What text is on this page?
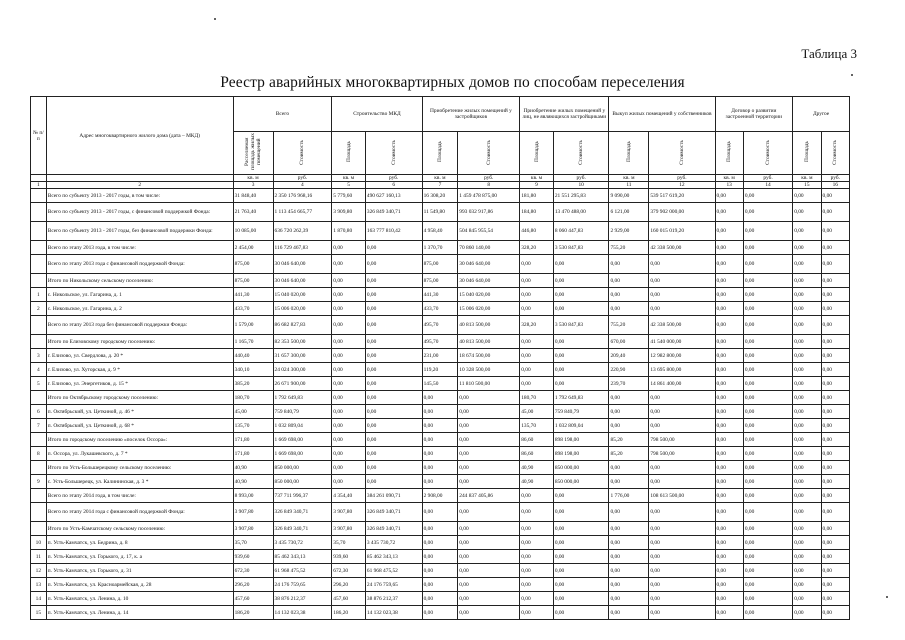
Таблица 3
Реестр аварийных многоквартирных домов по способам переселения
№ п/п	Адрес многоквартирного жилого дома (дата – МКД)	Всего		Строительство МКД		Приобретение жилых помещений у застройщиков		Приобретение жилых помещений у лиц, не являющихся застройщиками		Выкуп жилых помещений у собственников		Договор о развитии застроенной территории		Другое	
		Расселяемая площадь жилых помещений	Стоимость	Площадь	Стоимость	Площадь	Стоимость	Площадь	Стоимость	Площадь	Стоимость	Площадь	Стоимость	Площадь	Стоимость
		кв. м	руб.	кв. м	руб.	кв. м	руб.	кв. м	руб.	кв. м	руб.	кв. м	руб.	кв. м	руб.
1	2	3	4	5	6	7	8	9	10	11	12	13	14	15	16
	Всего по субъекту 2013 - 2017 годы, в том числе:	31 848,40	2 350 176 968,16	5 779,60	490 627 160,13	16 308,20	1 459 478 875,00	181,80	21 551 295,83	9 090,00	539 517 619,20	0,00	0,00	0,00	0,00
	Всего по субъекту 2013 - 2017 годы, с финансовой поддержкой Фонда:	21 763,40	1 113 454 665,77	3 909,80	326 849 340,71	11 549,80	993 032 917,86	184,80	13 470 488,00	6 121,00	379 902 000,00	0,00	0,00	0,00	0,00
	Всего по субъекту 2013 - 2017 годы, без финансовой поддержки Фонда:	10 085,00	636 720 262,39	1 870,80	163 777 810,42	4 958,40	504 845 955,54	446,80	8 060 447,83	2 929,00	160 015 019,20	0,00	0,00	0,00	0,00
	Всего по этапу 2013 года, в том числе:	2 454,00	116 729 467,83	0,00	0,00	1 370,70	70 860 140,00	328,20	3 530 847,83	755,20	42 338 500,00	0,00	0,00	0,00	0,00
	Всего по этапу 2013 года с финансовой поддержкой Фонда:	875,00	30 046 640,00	0,00	0,00	875,00	30 046 640,00	0,00	0,00	0,00	0,00	0,00	0,00	0,00	0,00
	Итого по Никольскому сельскому поселению:	875,00	30 046 640,00	0,00	0,00	875,00	30 046 640,00	0,00	0,00	0,00	0,00	0,00	0,00	0,00	0,00
1	с. Никольское, ул. Гагарина, д. 1	441,30	15 040 020,00	0,00	0,00	441,30	15 040 020,00	0,00	0,00	0,00	0,00	0,00	0,00	0,00	0,00
2	с. Никольское, ул. Гагарина, д. 2	433,70	15 006 020,00	0,00	0,00	433,70	15 006 020,00	0,00	0,00	0,00	0,00	0,00	0,00	0,00	0,00
	Всего по этапу 2013 года без финансовой поддержки Фонда:	1 579,00	86 682 827,83	0,00	0,00	495,70	40 813 500,00	328,20	3 530 847,83	755,20	42 338 500,00	0,00	0,00	0,00	0,00
	Итого по Елизовскому городскому поселению:	1 165,70	82 353 500,00	0,00	0,00	495,70	40 813 500,00	0,00	0,00	670,00	41 540 000,00	0,00	0,00	0,00	0,00
3	г. Елизово, ул. Свердлова, д. 20 *	440,40	31 657 300,00	0,00	0,00	231,00	18 674 500,00	0,00	0,00	209,40	12 982 800,00	0,00	0,00	0,00	0,00
4	г. Елизово, ул. Хуторская, д. 9 *	340,10	24 024 300,00	0,00	0,00	119,20	10 328 500,00	0,00	0,00	220,90	13 695 800,00	0,00	0,00	0,00	0,00
5	г. Елизово, ул. Энергетиков, д. 15 *	385,20	26 671 900,00	0,00	0,00	145,50	11 810 500,00	0,00	0,00	239,70	14 861 400,00	0,00	0,00	0,00	0,00
	Итого по Октябрьскому городскому поселению:	180,70	1 792 649,83	0,00	0,00	0,00	0,00	180,70	1 792 649,83	0,00	0,00	0,00	0,00	0,00	0,00
6	п. Октябрьский, ул. Цеткиной, д. 46 *	45,00	759 840,79	0,00	0,00	0,00	0,00	45,00	759 840,79	0,00	0,00	0,00	0,00	0,00	0,00
7	п. Октябрьский, ул. Цеткиной, д. 68 *	135,70	1 032 809,04	0,00	0,00	0,00	0,00	135,70	1 032 809,04	0,00	0,00	0,00	0,00	0,00	0,00
	Итого по городскому поселению «поселок Оссора»:	171,80	1 669 698,00	0,00	0,00	0,00	0,00	86,60	898 198,00	85,20	798 500,00	0,00	0,00	0,00	0,00
8	п. Оссора, ул. Лукашевского, д. 7 *	171,80	1 669 698,00	0,00	0,00	0,00	0,00	86,60	898 198,00	85,20	798 500,00	0,00	0,00	0,00	0,00
	Итого по Усть-Большерецкому сельскому поселению:	40,90	850 000,00	0,00	0,00	0,00	0,00	40,90	850 000,00	0,00	0,00	0,00	0,00	0,00	0,00
9	с. Усть-Большерецк, ул. Калининская, д. 3 *	40,90	850 000,00	0,00	0,00	0,00	0,00	40,90	850 000,00	0,00	0,00	0,00	0,00	0,00	0,00
	Всего по этапу 2014 года, в том числе:	8 993,00	737 711 996,37	4 354,40	384 261 090,71	2 908,00	244 837 405,86	0,00	0,00	1 776,00	108 613 500,00	0,00	0,00	0,00	0,00
	Всего по этапу 2014 года с финансовой поддержкой Фонда:	3 907,80	326 849 340,71	3 907,80	326 849 340,71	0,00	0,00	0,00	0,00	0,00	0,00	0,00	0,00	0,00	0,00
	Итого по Усть-Камчатскому сельскому поселению:	3 907,80	326 849 340,71	3 907,80	326 849 340,71	0,00	0,00	0,00	0,00	0,00	0,00	0,00	0,00	0,00	0,00
10	п. Усть-Камчатск, ул. Бедрина, д. 8	35,70	3 435 730,72	35,70	3 435 730,72	0,00	0,00	0,00	0,00	0,00	0,00	0,00	0,00	0,00	0,00
11	п. Усть-Камчатск, ул. Горького, д. 17, к. а	939,60	85 462 343,13	939,60	85 462 343,13	0,00	0,00	0,00	0,00	0,00	0,00	0,00	0,00	0,00	0,00
12	п. Усть-Камчатск, ул. Горького, д. 31	672,30	61 968 475,52	672,30	61 968 475,52	0,00	0,00	0,00	0,00	0,00	0,00	0,00	0,00	0,00	0,00
13	п. Усть-Камчатск, ул. Красноармейская, д. 28	296,20	24 176 759,65	296,20	24 176 759,65	0,00	0,00	0,00	0,00	0,00	0,00	0,00	0,00	0,00	0,00
14	п. Усть-Камчатск, ул. Ленина, д. 10	457,60	38 876 212,37	457,60	38 876 212,37	0,00	0,00	0,00	0,00	0,00	0,00	0,00	0,00	0,00	0,00
15	п. Усть-Камчатск, ул. Ленина, д. 14	186,20	14 132 023,38	186,20	14 132 023,38	0,00	0,00	0,00	0,00	0,00	0,00	0,00	0,00	0,00	0,00
